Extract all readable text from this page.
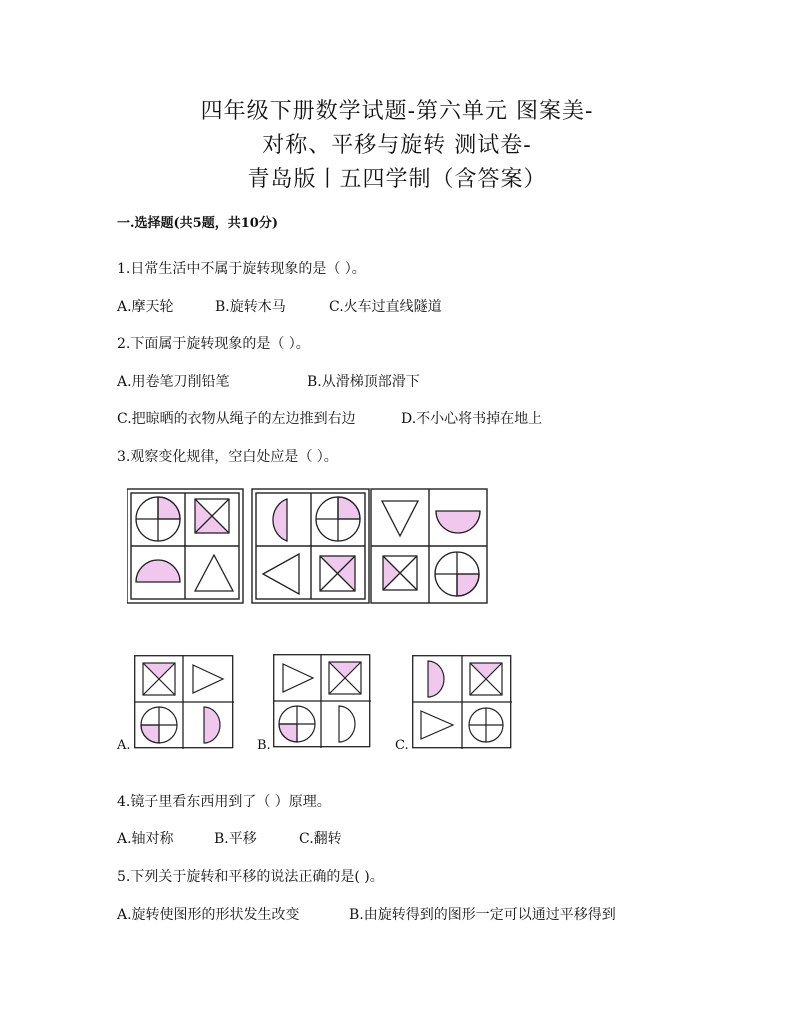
四年级下册数学试题-第六单元 图案美-
对称、平移与旋转 测试卷-
青岛版丨五四学制（含答案）
一.选择题(共5题，共10分)
1.日常生活中不属于旋转现象的是（ ）。
A.摩天轮	B.旋转木马	C.火车过直线隧道
2.下面属于旋转现象的是（ ）。
A.用卷笔刀削铅笔	B.从滑梯顶部滑下
C.把晾晒的衣物从绳子的左边推到右边	D.不小心将书掉在地上
3.观察变化规律，空白处应是（ ）。
A.	B.	C.
4.镜子里看东西用到了（ ）原理。
A.轴对称	B.平移	C.翻转
5.下列关于旋转和平移的说法正确的是( )。
A.旋转使图形的形状发生改变	B.由旋转得到的图形一定可以通过平移得到
